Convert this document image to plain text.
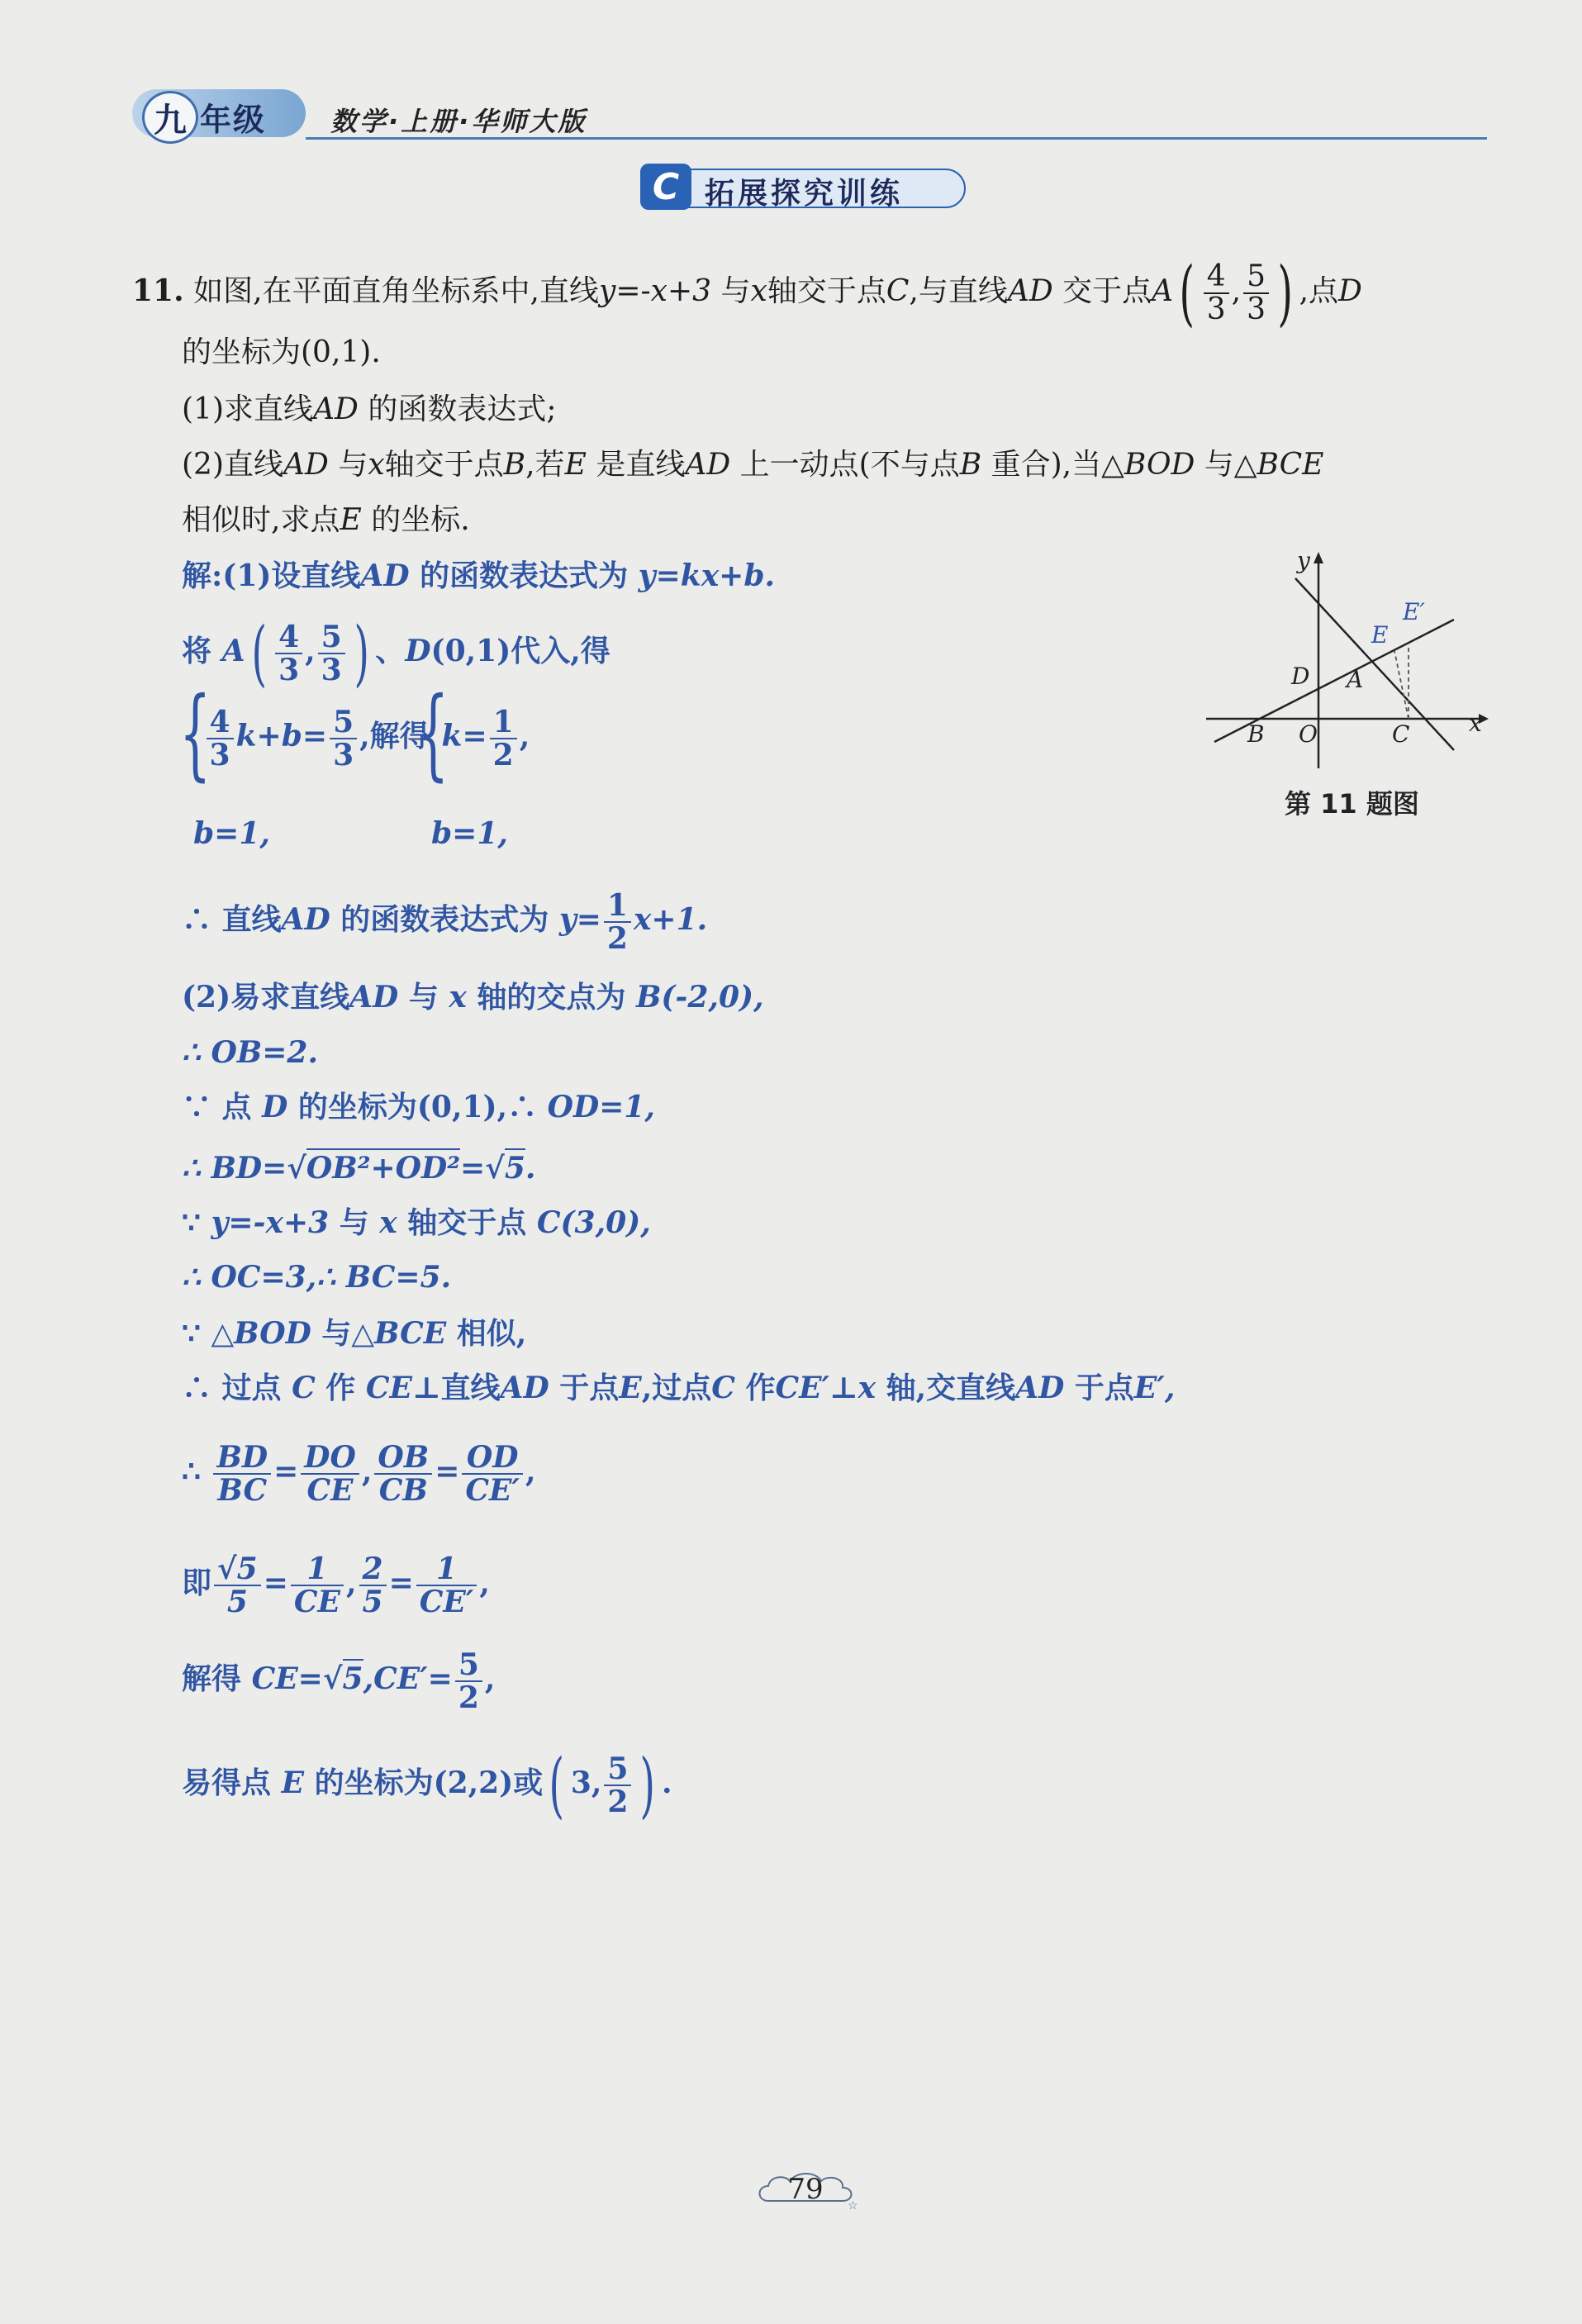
九 年级 数学·上册·华师大版
C 拓展探究训练
11. 如图,在平面直角坐标系中,直线y=-x+3 与x轴交于点C,与直线AD 交于点$A( \frac{4}{3}$ , $\frac{5}{3}$ ) ,点D
的坐标为(0,1).
(1)求直线AD 的函数表达式;
(2)直线AD 与x轴交于点B,若E 是直线AD 上一动点(不与点B 重合),当△BOD 与△BCE
相似时,求点E 的坐标.
解:(1)设直线AD 的函数表达式为 y=kx+b.
将 $A( \frac{4}{3}$ , $\frac{5}{3}$ ) 、D(0,1)代入,得
{

$\frac{4}{3} k+b= \frac{5}{3}$ ,解得
{
$k= \frac{1}{2}$ ,
b=1,	b=1,
∴ 直线AD 的函数表达式为 $y= \frac{1}{2} x+1$.
(2)易求直线AD 与 x 轴的交点为 B(-2,0),
∴ OB=2.
∵ 点 D 的坐标为(0,1),∴ OD=1,
∴ BD=√OB²+OD²=√5.
∵ y=-x+3 与 x 轴交于点 C(3,0),
∴ OC=3,∴ BC=5.
∵ △BOD 与△BCE 相似,
∴ 过点 C 作 CE⊥直线AD 于点E,过点C 作CE′⊥x 轴,交直线AD 于点E′,
∴ $\frac{BD}{BC} = \frac{DO}{CE}$ , $\frac{OB}{CB} = \frac{OD}{CE'}$ ,
即 $\frac{√5}{5} = \frac{1}{CE}$ , $\frac{2}{5} = \frac{1}{CE'}$ ,
解得 $CE=√5,CE'= \frac{5}{2}$ ,
易得点 E 的坐标为(2,2)或( 3, $\frac{5}{2}$ ) .
y
x
E
E′
D A
B O	C
第 11 题图
☆
79
